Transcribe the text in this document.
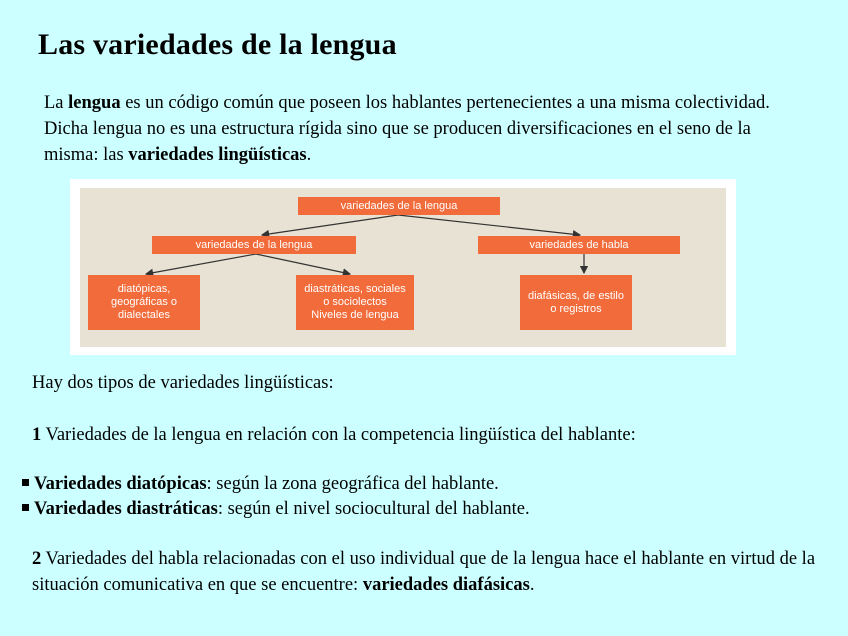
Las variedades de la lengua
La lengua es un código común que poseen los hablantes pertenecientes a una misma colectividad. Dicha lengua no es una estructura rígida sino que se producen diversificaciones en el seno de la misma: las variedades lingüísticas.
variedades de la lengua
variedades de la lengua	variedades de habla
diatópicas,
geográficas o
dialectales
diastráticas, sociales
o sociolectos
Niveles de lengua
diafásicas, de estilo
o registros
Hay dos tipos de variedades lingüísticas:
1 Variedades de la lengua en relación con la competencia lingüística del hablante:
Variedades diatópicas: según la zona geográfica del hablante.
Variedades diastráticas: según el nivel sociocultural del hablante.
2 Variedades del habla relacionadas con el uso individual que de la lengua hace el hablante en virtud de la situación comunicativa en que se encuentre: variedades diafásicas.
